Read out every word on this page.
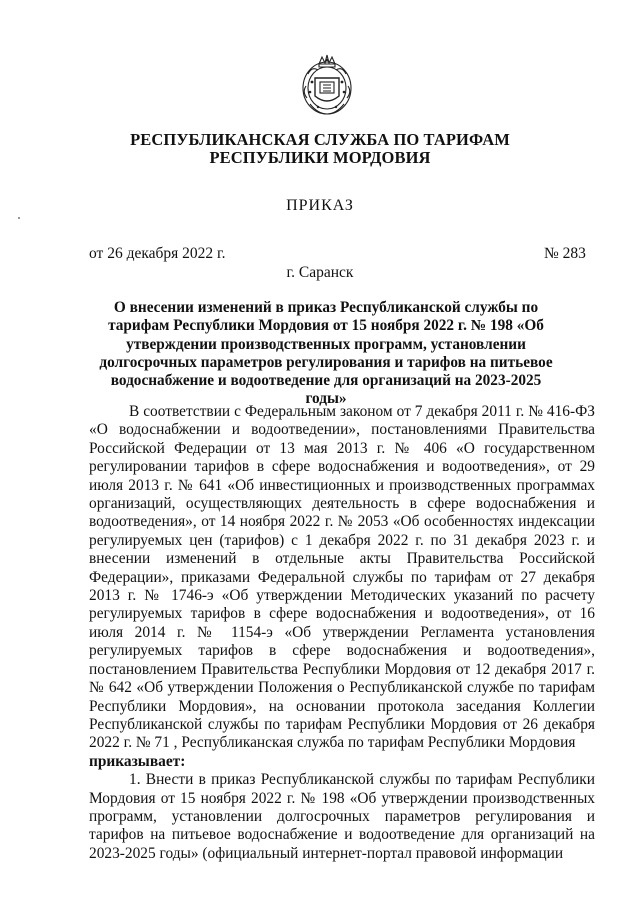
РЕСПУБЛИКАНСКАЯ СЛУЖБА ПО ТАРИФАМ
РЕСПУБЛИКИ МОРДОВИЯ
ПРИКАЗ
от 26 декабря 2022 г.	№ 283
г. Саранск
О внесении изменений в приказ Республиканской службы по тарифам Республики Мордовия от 15 ноября 2022 г. № 198 «Об утверждении производственных программ, установлении долгосрочных параметров регулирования и тарифов на питьевое водоснабжение и водоотведение для организаций на 2023-2025 годы»

В соответствии с Федеральным законом от 7 декабря 2011 г. № 416-ФЗ «О водоснабжении и водоотведении», постановлениями Правительства Российской Федерации от 13 мая 2013 г. № 406 «О государственном регулировании тарифов в сфере водоснабжения и водоотведения», от 29 июля 2013 г. № 641 «Об инвестиционных и производственных программах организаций, осуществляющих деятельность в сфере водоснабжения и водоотведения», от 14 ноября 2022 г. № 2053 «Об особенностях индексации регулируемых цен (тарифов) с 1 декабря 2022 г. по 31 декабря 2023 г. и внесении изменений в отдельные акты Правительства Российской Федерации», приказами Федеральной службы по тарифам от 27 декабря 2013 г. № 1746-э «Об утверждении Методических указаний по расчету регулируемых тарифов в сфере водоснабжения и водоотведения», от 16 июля 2014 г. № 1154-э «Об утверждении Регламента установления регулируемых тарифов в сфере водоснабжения и водоотведения», постановлением Правительства Республики Мордовия от 12 декабря 2017 г. № 642 «Об утверждении Положения о Республиканской службе по тарифам Республики Мордовия», на основании протокола заседания Коллегии Республиканской службы по тарифам Республики Мордовия от 26 декабря 2022 г. № 71 , Республиканская служба по тарифам Республики Мордовия

приказывает:

1. Внести в приказ Республиканской службы по тарифам Республики Мордовия от 15 ноября 2022 г. № 198 «Об утверждении производственных программ, установлении долгосрочных параметров регулирования и тарифов на питьевое водоснабжение и водоотведение для организаций на 2023-2025 годы» (официальный интернет-портал правовой информации
